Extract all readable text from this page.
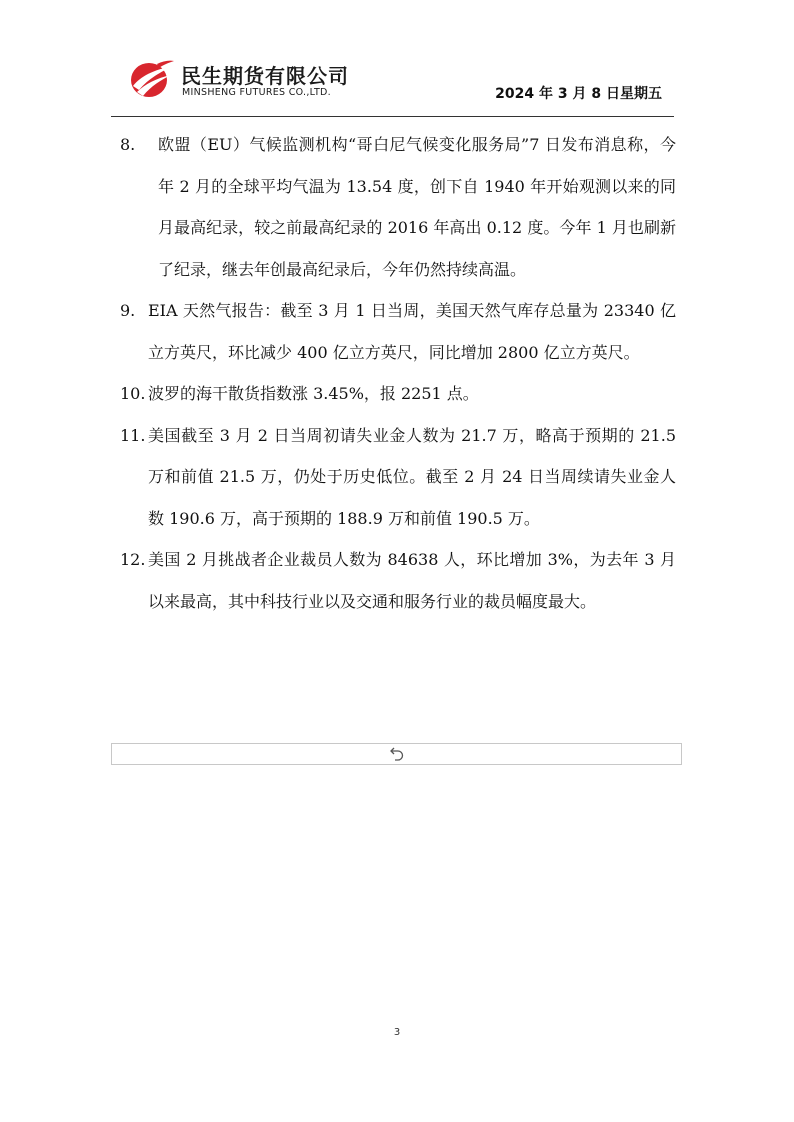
民生期货有限公司
MINSHENG FUTURES CO.,LTD.	2024 年 3 月 8 日星期五
8.	欧盟（EU）气候监测机构“哥白尼气候变化服务局”7 日发布消息称，今年 2 月的全球平均气温为 13.54 度，创下自 1940 年开始观测以来的同月最高纪录，较之前最高纪录的 2016 年高出 0.12 度。今年 1 月也刷新了纪录，继去年创最高纪录后，今年仍然持续高温。
9. EIA 天然气报告：截至 3 月 1 日当周，美国天然气库存总量为 23340 亿立方英尺，环比减少 400 亿立方英尺，同比增加 2800 亿立方英尺。
10. 波罗的海干散货指数涨 3.45%，报 2251 点。
11. 美国截至 3 月 2 日当周初请失业金人数为 21.7 万，略高于预期的 21.5 万和前值 21.5 万，仍处于历史低位。截至 2 月 24 日当周续请失业金人数 190.6 万，高于预期的 188.9 万和前值 190.5 万。
12. 美国 2 月挑战者企业裁员人数为 84638 人，环比增加 3%，为去年 3 月以来最高，其中科技行业以及交通和服务行业的裁员幅度最大。
3
